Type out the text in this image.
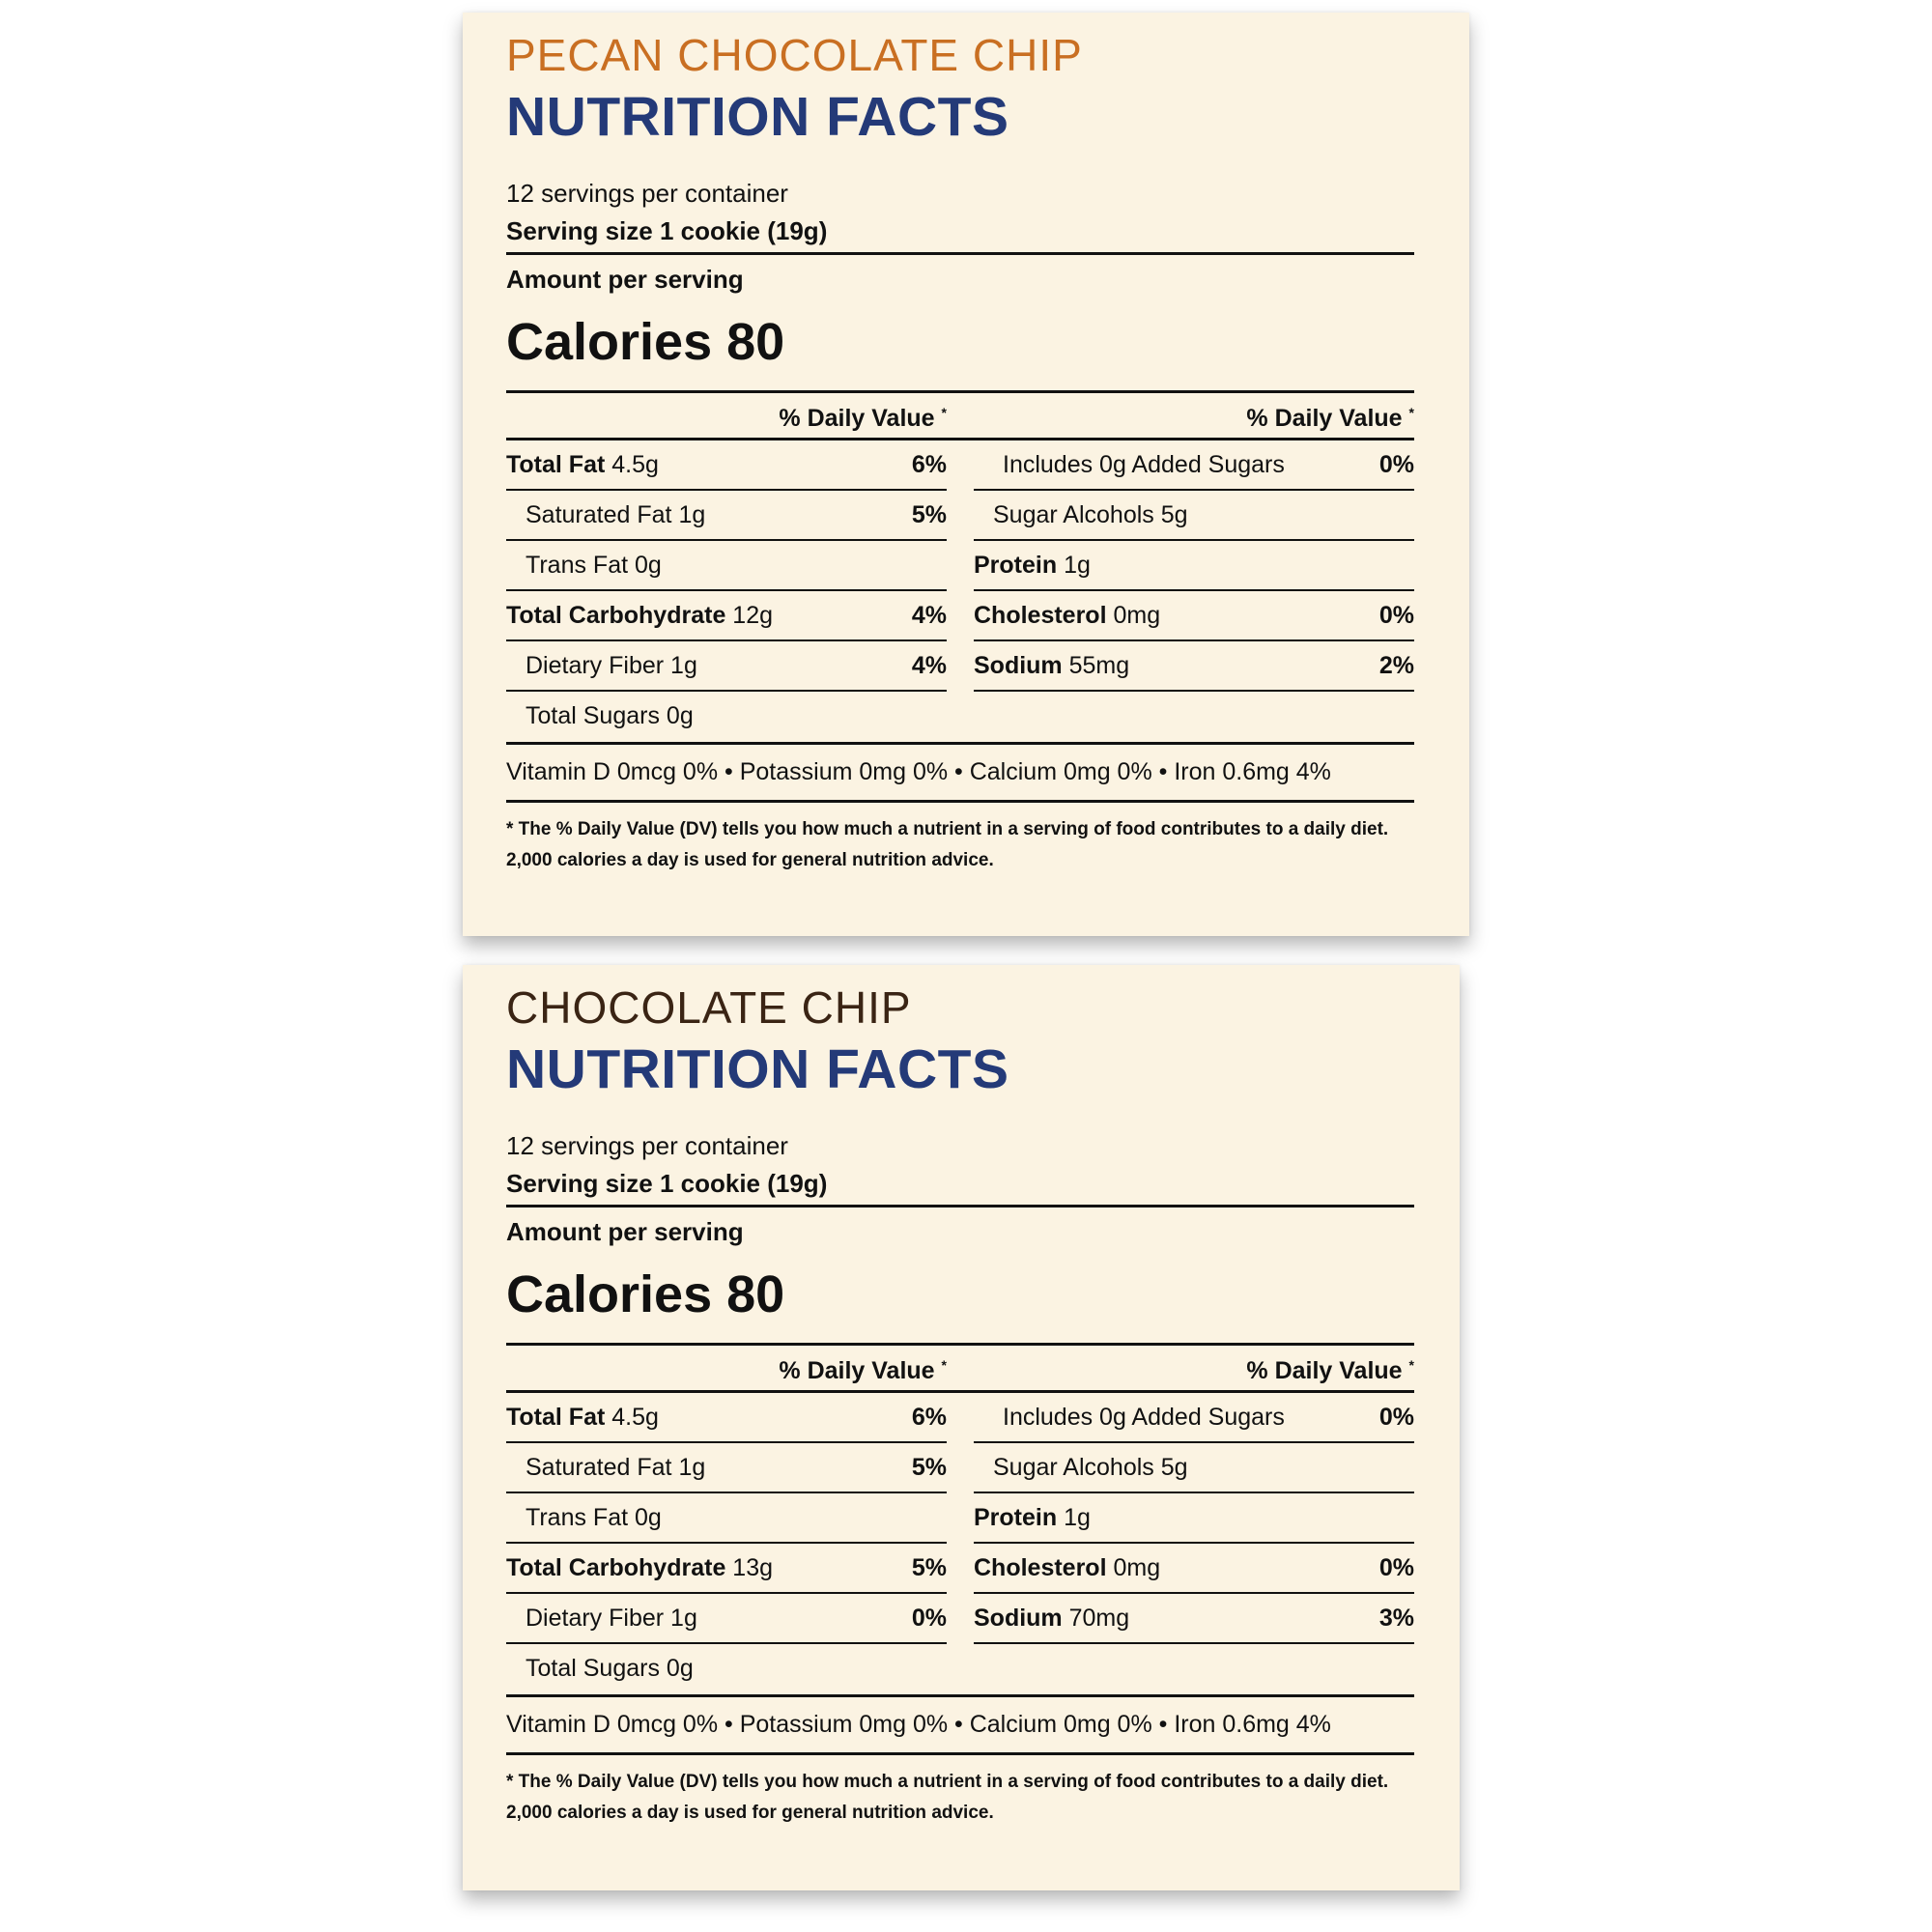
PECAN CHOCOLATE CHIP
NUTRITION FACTS
12 servings per container
Serving size 1 cookie (19g)
Amount per serving
Calories 80
% Daily Value *	% Daily Value *
Total Fat 4.5g	6%
Saturated Fat 1g	5%
Trans Fat 0g
Total Carbohydrate 12g	4%
Dietary Fiber 1g	4%
Total Sugars 0g
Includes 0g Added Sugars	0%
Sugar Alcohols 5g
Protein 1g
Cholesterol 0mg	0%
Sodium 55mg	2%
Vitamin D 0mcg 0% • Potassium 0mg 0% • Calcium 0mg 0% • Iron 0.6mg 4%
* The % Daily Value (DV) tells you how much a nutrient in a serving of food contributes to a daily diet.
2,000 calories a day is used for general nutrition advice.
CHOCOLATE CHIP
NUTRITION FACTS
12 servings per container
Serving size 1 cookie (19g)
Amount per serving
Calories 80
% Daily Value *	% Daily Value *
Total Fat 4.5g	6%
Saturated Fat 1g	5%
Trans Fat 0g
Total Carbohydrate 13g	5%
Dietary Fiber 1g	0%
Total Sugars 0g
Includes 0g Added Sugars	0%
Sugar Alcohols 5g
Protein 1g
Cholesterol 0mg	0%
Sodium 70mg	3%
Vitamin D 0mcg 0% • Potassium 0mg 0% • Calcium 0mg 0% • Iron 0.6mg 4%
* The % Daily Value (DV) tells you how much a nutrient in a serving of food contributes to a daily diet.
2,000 calories a day is used for general nutrition advice.
